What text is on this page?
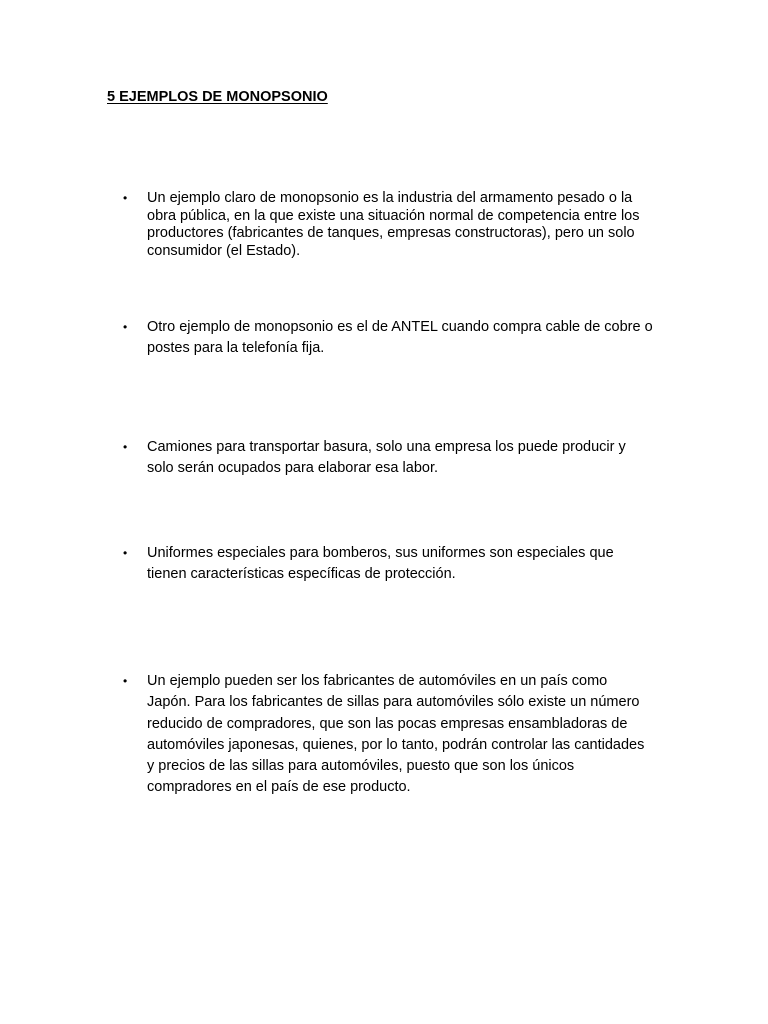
5 EJEMPLOS DE MONOPSONIO
•	Un ejemplo claro de monopsonio es la industria del armamento pesado o la obra pública, en la que existe una situación normal de competencia entre los productores (fabricantes de tanques, empresas constructoras), pero un solo consumidor (el Estado).
•	Otro ejemplo de monopsonio es el de ANTEL cuando compra cable de cobre o postes para la telefonía fija.
•	Camiones para transportar basura, solo una empresa los puede producir y solo serán ocupados para elaborar esa labor.
•	Uniformes especiales para bomberos, sus uniformes son especiales que tienen características específicas de protección.
•	Un ejemplo pueden ser los fabricantes de automóviles en un país como Japón. Para los fabricantes de sillas para automóviles sólo existe un número reducido de compradores, que son las pocas empresas ensambladoras de automóviles japonesas, quienes, por lo tanto, podrán controlar las cantidades y precios de las sillas para automóviles, puesto que son los únicos compradores en el país de ese producto.
